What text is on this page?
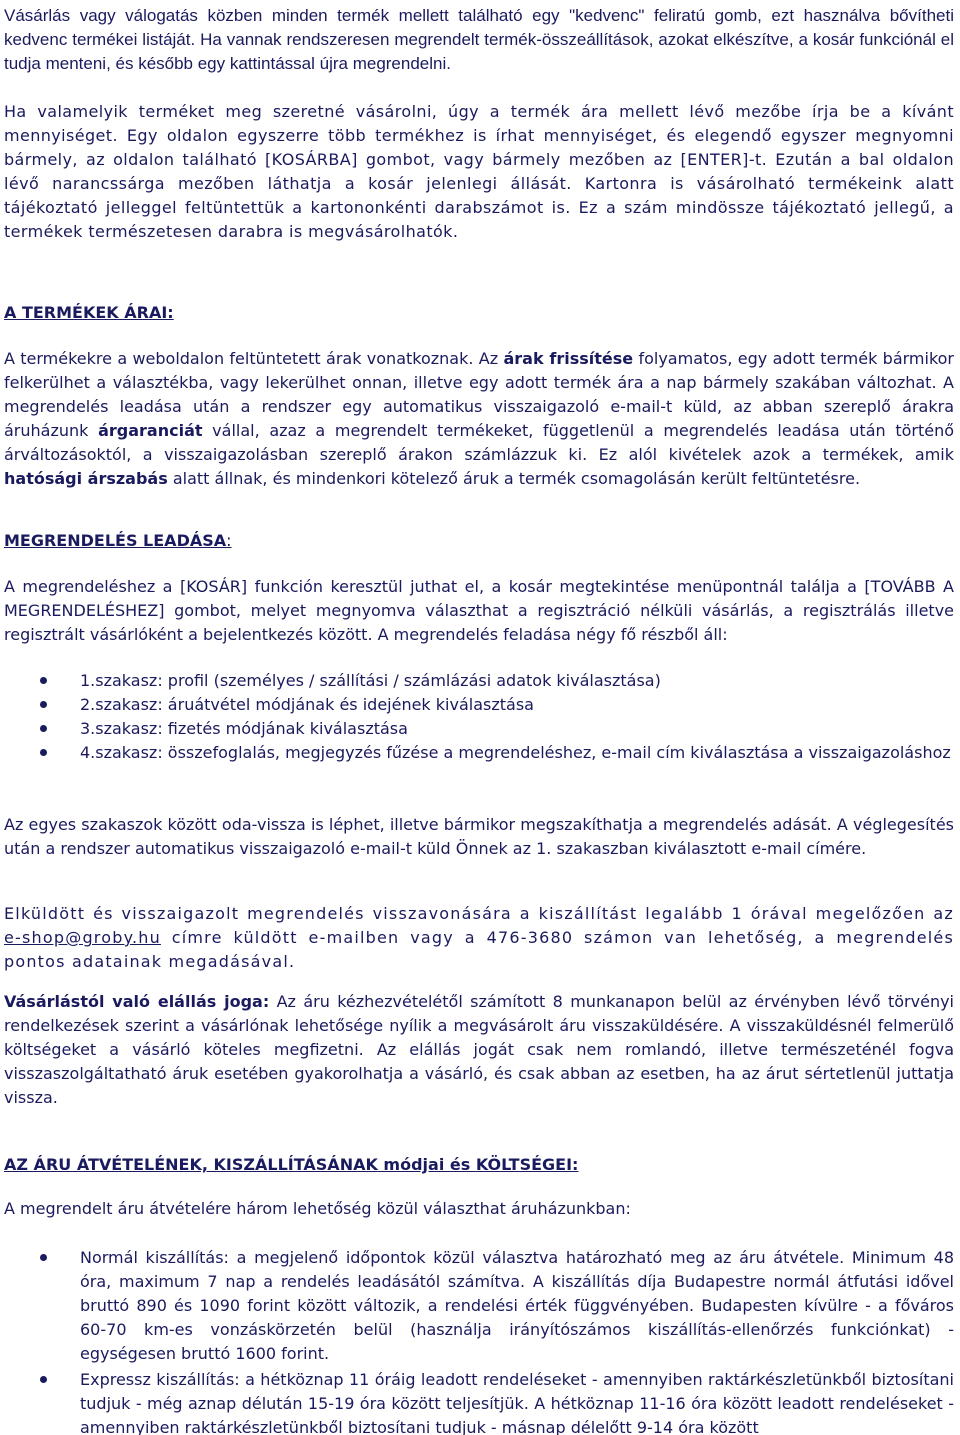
Vásárlás vagy válogatás közben minden termék mellett található egy "kedvenc" feliratú gomb, ezt használva bővítheti kedvenc termékei listáját. Ha vannak rendszeresen megrendelt termék-összeállítások, azokat elkészítve, a kosár funkciónál el tudja menteni, és később egy kattintással újra megrendelni.

Ha valamelyik terméket meg szeretné vásárolni, úgy a termék ára mellett lévő mezőbe írja be a kívánt mennyiséget. Egy oldalon egyszerre több termékhez is írhat mennyiséget, és elegendő egyszer megnyomni bármely, az oldalon található [KOSÁRBA] gombot, vagy bármely mezőben az [ENTER]-t. Ezután a bal oldalon lévő narancssárga mezőben láthatja a kosár jelenlegi állását. Kartonra is vásárolható termékeink alatt tájékoztató jelleggel feltüntettük a kartononkénti darabszámot is. Ez a szám mindössze tájékoztató jellegű, a termékek természetesen darabra is megvásárolhatók.

A TERMÉKEK ÁRAI:

A termékekre a weboldalon feltüntetett árak vonatkoznak. Az árak frissítése folyamatos, egy adott termék bármikor felkerülhet a választékba, vagy lekerülhet onnan, illetve egy adott termék ára a nap bármely szakában változhat. A megrendelés leadása után a rendszer egy automatikus visszaigazoló e-mail-t küld, az abban szereplő árakra áruházunk árgaranciát vállal, azaz a megrendelt termékeket, függetlenül a megrendelés leadása után történő árváltozásoktól, a visszaigazolásban szereplő árakon számlázzuk ki. Ez alól kivételek azok a termékek, amik hatósági árszabás alatt állnak, és mindenkori kötelező áruk a termék csomagolásán került feltüntetésre.

MEGRENDELÉS LEADÁSA:

A megrendeléshez a [KOSÁR] funkción keresztül juthat el, a kosár megtekintése menüpontnál találja a [TOVÁBB A MEGRENDELÉSHEZ] gombot, melyet megnyomva választhat a regisztráció nélküli vásárlás, a regisztrálás illetve regisztrált vásárlóként a bejelentkezés között. A megrendelés feladása négy fő részből áll:

1.szakasz: profil (személyes / szállítási / számlázási adatok kiválasztása)
2.szakasz: áruátvétel módjának és idejének kiválasztása
3.szakasz: fizetés módjának kiválasztása
4.szakasz: összefoglalás, megjegyzés fűzése a megrendeléshez, e-mail cím kiválasztása a visszaigazoláshoz

Az egyes szakaszok között oda-vissza is léphet, illetve bármikor megszakíthatja a megrendelés adását. A véglegesítés után a rendszer automatikus visszaigazoló e-mail-t küld Önnek az 1. szakaszban kiválasztott e-mail címére.

Elküldött és visszaigazolt megrendelés visszavonására a kiszállítást legalább 1 órával megelőzően az e-shop@groby.hu címre küldött e-mailben vagy a 476-3680 számon van lehetőség, a megrendelés pontos adatainak megadásával.

Vásárlástól való elállás joga: Az áru kézhezvételétől számított 8 munkanapon belül az érvényben lévő törvényi rendelkezések szerint a vásárlónak lehetősége nyílik a megvásárolt áru visszaküldésére. A visszaküldésnél felmerülő költségeket a vásárló köteles megfizetni. Az elállás jogát csak nem romlandó, illetve természeténél fogva visszaszolgáltatható áruk esetében gyakorolhatja a vásárló, és csak abban az esetben, ha az árut sértetlenül juttatja vissza.

AZ ÁRU ÁTVÉTELÉNEK, KISZÁLLÍTÁSÁNAK módjai és KÖLTSÉGEI:

A megrendelt áru átvételére három lehetőség közül választhat áruházunkban:

Normál kiszállítás: a megjelenő időpontok közül választva határozható meg az áru átvétele. Minimum 48 óra, maximum 7 nap a rendelés leadásától számítva. A kiszállítás díja Budapestre normál átfutási idővel bruttó 890 és 1090 forint között változik, a rendelési érték függvényében. Budapesten kívülre - a főváros 60-70 km-es vonzáskörzetén belül (használja irányítószámos kiszállítás-ellenőrzés funkciónkat) - egységesen bruttó 1600 forint.
Expressz kiszállítás: a hétköznap 11 óráig leadott rendeléseket - amennyiben raktárkészletünkből biztosítani tudjuk - még aznap délután 15-19 óra között teljesítjük. A hétköznap 11-16 óra között leadott rendeléseket - amennyiben raktárkészletünkből biztosítani tudjuk - másnap délelőtt 9-14 óra között
